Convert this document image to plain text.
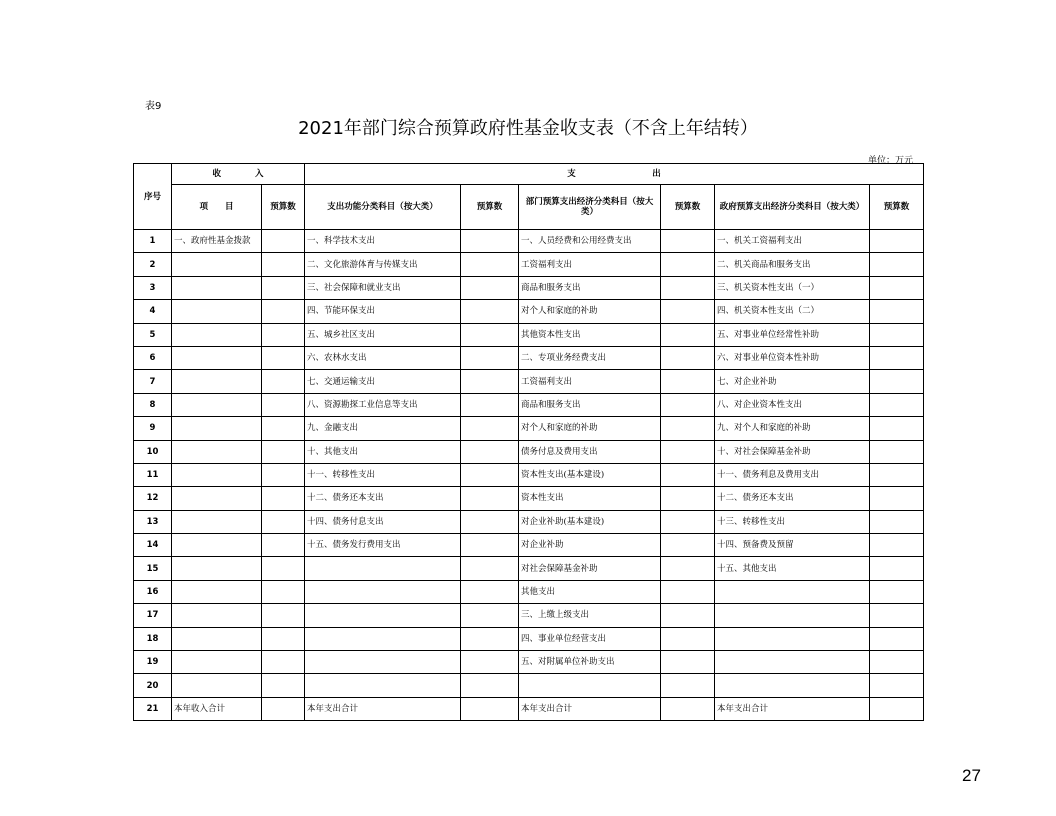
表9
2021年部门综合预算政府性基金收支表（不含上年结转）
单位：万元
序号	收　　　　入		支　　　　　　　　　出					
	项　　目	预算数	支出功能分类科目（按大类）	预算数	部门预算支出经济分类科目（按大类）	预算数	政府预算支出经济分类科目（按大类）	预算数
1	一、政府性基金拨款		一、科学技术支出		一、人员经费和公用经费支出		一、机关工资福利支出	
2			二、文化旅游体育与传媒支出		工资福利支出		二、机关商品和服务支出	
3			三、社会保障和就业支出		商品和服务支出		三、机关资本性支出（一）	
4			四、节能环保支出		对个人和家庭的补助		四、机关资本性支出（二）	
5			五、城乡社区支出		其他资本性支出		五、对事业单位经常性补助	
6			六、农林水支出		二、专项业务经费支出		六、对事业单位资本性补助	
7			七、交通运输支出		工资福利支出		七、对企业补助	
8			八、资源勘探工业信息等支出		商品和服务支出		八、对企业资本性支出	
9			九、金融支出		对个人和家庭的补助		九、对个人和家庭的补助	
10			十、其他支出		债务付息及费用支出		十、对社会保障基金补助	
11			十一、转移性支出		资本性支出(基本建设)		十一、债务利息及费用支出	
12			十二、债务还本支出		资本性支出		十二、债务还本支出	
13			十四、债务付息支出		对企业补助(基本建设)		十三、转移性支出	
14			十五、债务发行费用支出		对企业补助		十四、预备费及预留	
15					对社会保障基金补助		十五、其他支出	
16					其他支出			
17					三、上缴上级支出			
18					四、事业单位经营支出			
19					五、对附属单位补助支出			
20								
21	本年收入合计		本年支出合计		本年支出合计		本年支出合计	
27
